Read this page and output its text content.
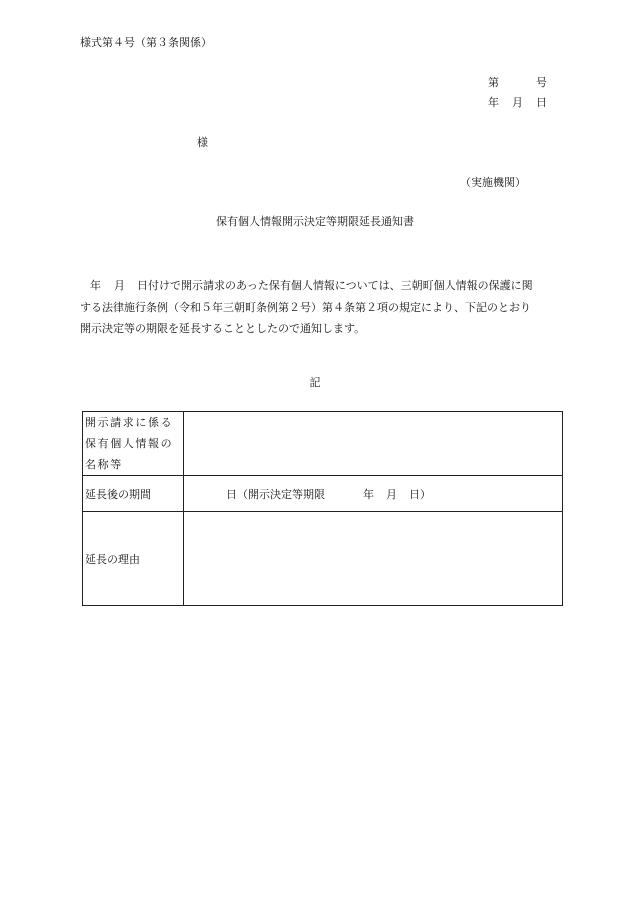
様式第４号（第３条関係）
第	号
年 月 日
様
（実施機関）
保有個人情報開示決定等期限延長通知書
年 月 日付けで開示請求のあった保有個人情報については、三朝町個人情報の保護に関
する法律施行条例（令和５年三朝町条例第２号）第４条第２項の規定により、下記のとおり
開示決定等の期限を延長することとしたので通知します。
記
開示請求に係る
保有個人情報の
名称等	

延長後の期間	日（開示決定等期限 年 月 日）
延長の理由	
